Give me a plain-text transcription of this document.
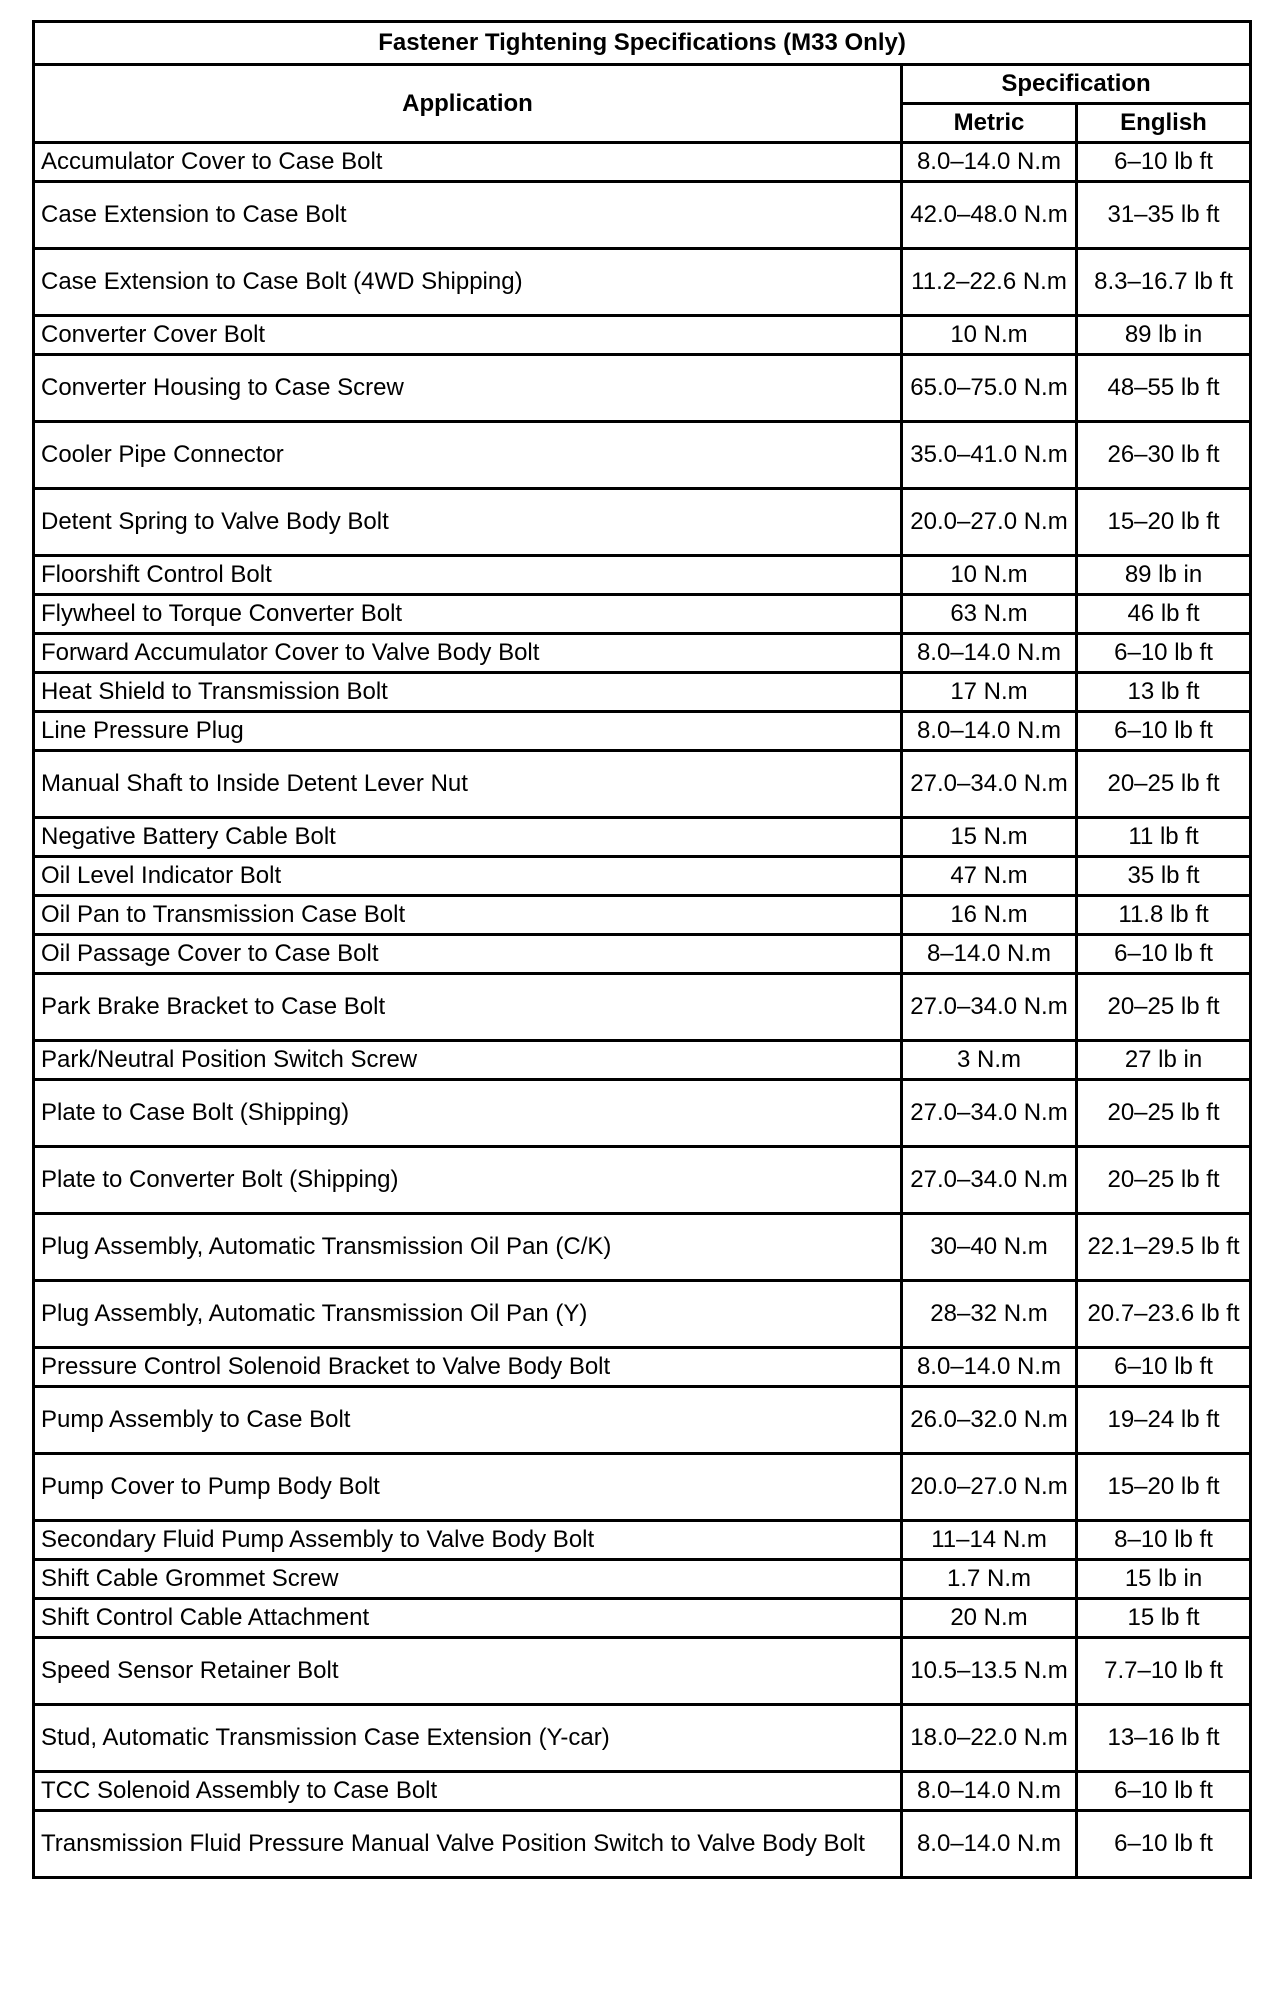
Fastener Tightening Specifications (M33 Only)		
Application	Specification	
	Metric	English
Accumulator Cover to Case Bolt	8.0–14.0 N.m	6–10 lb ft
Case Extension to Case Bolt	42.0–48.0 N.m	31–35 lb ft
Case Extension to Case Bolt (4WD Shipping)	11.2–22.6 N.m	8.3–16.7 lb ft
Converter Cover Bolt	10 N.m	89 lb in
Converter Housing to Case Screw	65.0–75.0 N.m	48–55 lb ft
Cooler Pipe Connector	35.0–41.0 N.m	26–30 lb ft
Detent Spring to Valve Body Bolt	20.0–27.0 N.m	15–20 lb ft
Floorshift Control Bolt	10 N.m	89 lb in
Flywheel to Torque Converter Bolt	63 N.m	46 lb ft
Forward Accumulator Cover to Valve Body Bolt	8.0–14.0 N.m	6–10 lb ft
Heat Shield to Transmission Bolt	17 N.m	13 lb ft
Line Pressure Plug	8.0–14.0 N.m	6–10 lb ft
Manual Shaft to Inside Detent Lever Nut	27.0–34.0 N.m	20–25 lb ft
Negative Battery Cable Bolt	15 N.m	11 lb ft
Oil Level Indicator Bolt	47 N.m	35 lb ft
Oil Pan to Transmission Case Bolt	16 N.m	11.8 lb ft
Oil Passage Cover to Case Bolt	8–14.0 N.m	6–10 lb ft
Park Brake Bracket to Case Bolt	27.0–34.0 N.m	20–25 lb ft
Park/Neutral Position Switch Screw	3 N.m	27 lb in
Plate to Case Bolt (Shipping)	27.0–34.0 N.m	20–25 lb ft
Plate to Converter Bolt (Shipping)	27.0–34.0 N.m	20–25 lb ft
Plug Assembly, Automatic Transmission Oil Pan (C/K)	30–40 N.m	22.1–29.5 lb ft
Plug Assembly, Automatic Transmission Oil Pan (Y)	28–32 N.m	20.7–23.6 lb ft
Pressure Control Solenoid Bracket to Valve Body Bolt	8.0–14.0 N.m	6–10 lb ft
Pump Assembly to Case Bolt	26.0–32.0 N.m	19–24 lb ft
Pump Cover to Pump Body Bolt	20.0–27.0 N.m	15–20 lb ft
Secondary Fluid Pump Assembly to Valve Body Bolt	11–14 N.m	8–10 lb ft
Shift Cable Grommet Screw	1.7 N.m	15 lb in
Shift Control Cable Attachment	20 N.m	15 lb ft
Speed Sensor Retainer Bolt	10.5–13.5 N.m	7.7–10 lb ft
Stud, Automatic Transmission Case Extension (Y-car)	18.0–22.0 N.m	13–16 lb ft
TCC Solenoid Assembly to Case Bolt	8.0–14.0 N.m	6–10 lb ft
Transmission Fluid Pressure Manual Valve Position Switch to Valve Body Bolt	8.0–14.0 N.m	6–10 lb ft
